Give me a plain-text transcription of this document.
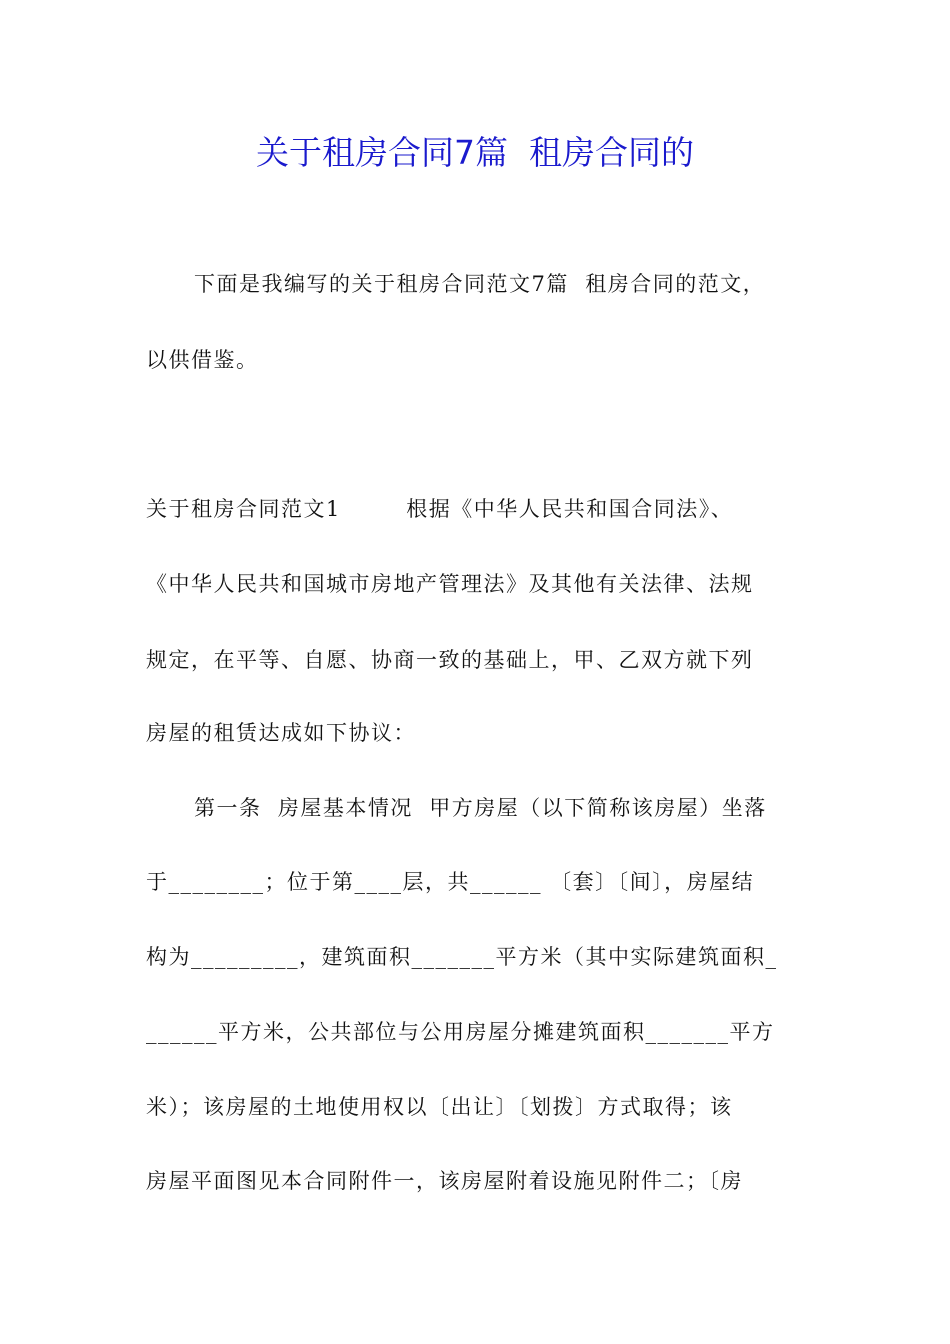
关于租房合同7篇  租房合同的
下面是我编写的关于租房合同范文7篇  租房合同的范文，
以供借鉴。
关于租房合同范文1        根据《中华人民共和国合同法》、
《中华人民共和国城市房地产管理法》及其他有关法律、法规
规定，在平等、自愿、协商一致的基础上，甲、乙双方就下列
房屋的租赁达成如下协议：
第一条  房屋基本情况  甲方房屋（以下简称该房屋）坐落
于________；位于第____层，共______ 〔套〕〔间〕，房屋结
构为_________，建筑面积_______平方米（其中实际建筑面积_
______平方米，公共部位与公用房屋分摊建筑面积_______平方
米）；该房屋的土地使用权以〔出让〕〔划拨〕方式取得；该
房屋平面图见本合同附件一，该房屋附着设施见附件二；〔房
